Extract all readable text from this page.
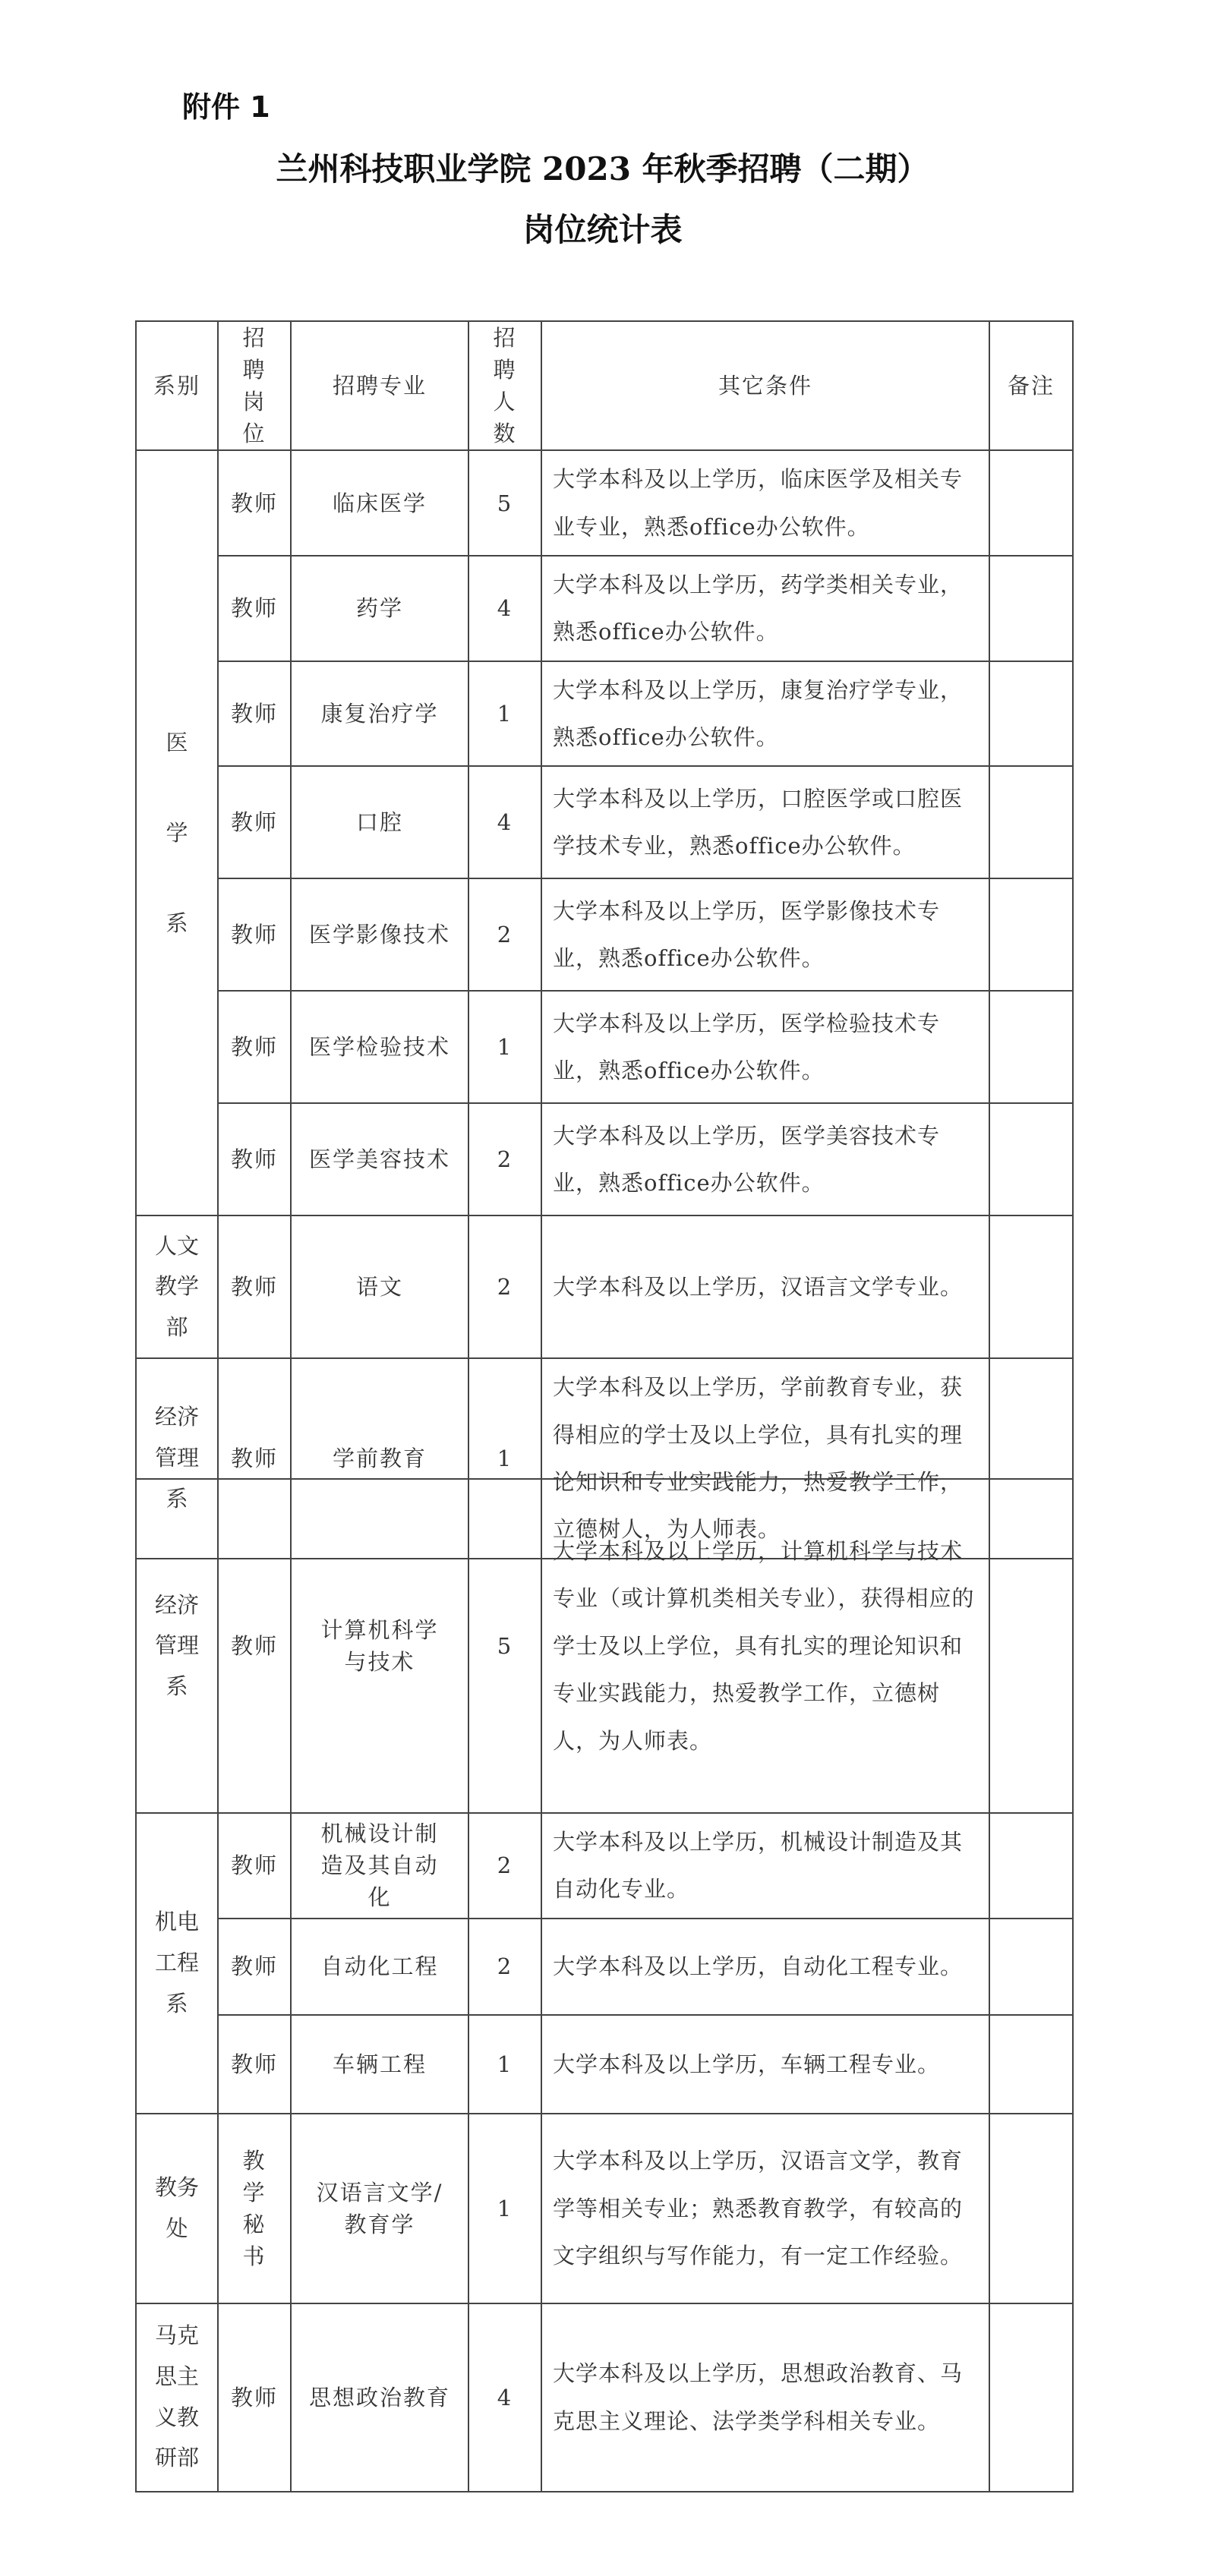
附件 1
兰州科技职业学院 2023 年秋季招聘（二期）
岗位统计表
系别	招聘岗位	招聘专业	招聘人数	其它条件	备注
医学系	教师	临床医学	5	大学本科及以上学历，临床医学及相关专业专业，熟悉office办公软件。	
	教师	药学	4	大学本科及以上学历，药学类相关专业，熟悉office办公软件。	
	教师	康复治疗学	1	大学本科及以上学历，康复治疗学专业，熟悉office办公软件。	
	教师	口腔	4	大学本科及以上学历，口腔医学或口腔医学技术专业，熟悉office办公软件。	
	教师	医学影像技术	2	大学本科及以上学历，医学影像技术专业，熟悉office办公软件。	
	教师	医学检验技术	1	大学本科及以上学历，医学检验技术专业，熟悉office办公软件。	
	教师	医学美容技术	2	大学本科及以上学历，医学美容技术专业，熟悉office办公软件。	
人文教学部	教师	语文	2	大学本科及以上学历，汉语言文学专业。	
经济管理系	教师	学前教育	1	大学本科及以上学历，学前教育专业，获得相应的学士及以上学位，具有扎实的理论知识和专业实践能力，热爱教学工作，立德树人，为人师表。	
经济管理系	教师	计算机科学与技术	5	大学本科及以上学历，计算机科学与技术专业（或计算机类相关专业），获得相应的学士及以上学位，具有扎实的理论知识和专业实践能力，热爱教学工作，立德树人，为人师表。	
机电工程系	教师	机械设计制造及其自动化	2	大学本科及以上学历，机械设计制造及其自动化专业。	
	教师	自动化工程	2	大学本科及以上学历，自动化工程专业。	
	教师	车辆工程	1	大学本科及以上学历，车辆工程专业。	
教务处	教学秘书	汉语言文学/教育学	1	大学本科及以上学历，汉语言文学，教育学等相关专业；熟悉教育教学，有较高的文字组织与写作能力，有一定工作经验。	
马克思主义教研部	教师	思想政治教育	4	大学本科及以上学历，思想政治教育、马克思主义理论、法学类学科相关专业。	
